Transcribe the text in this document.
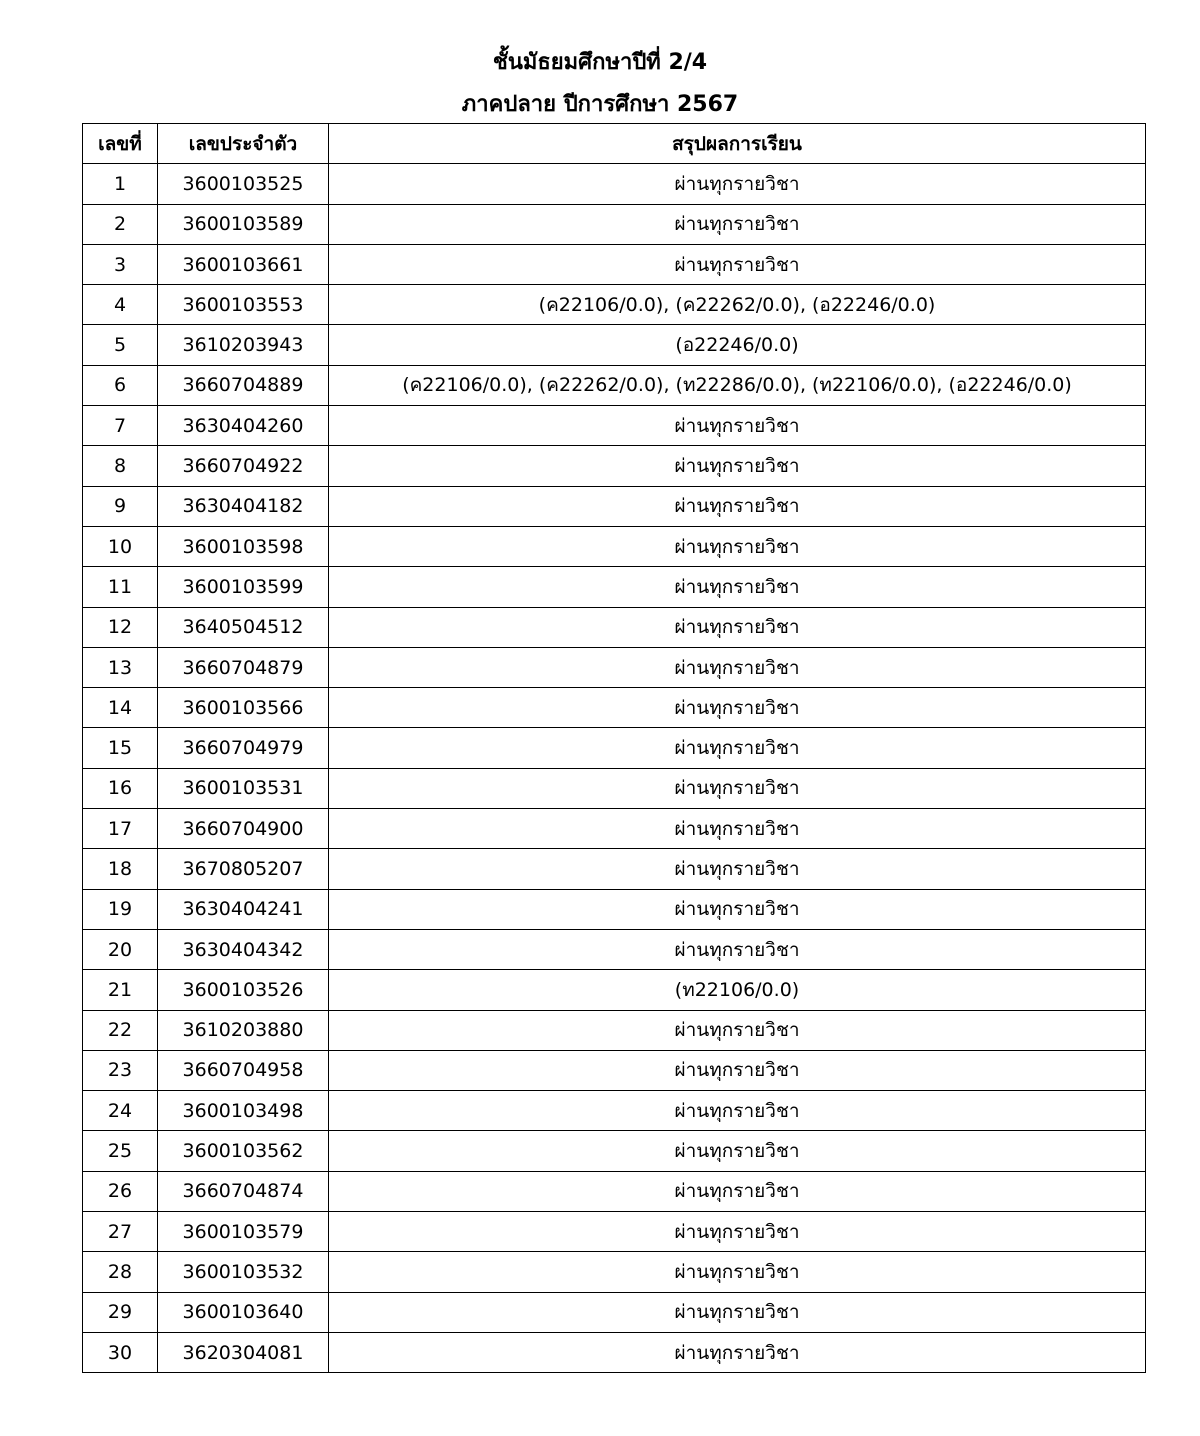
ชั้นมัธยมศึกษาปีที่ 2/4
ภาคปลาย ปีการศึกษา 2567
เลขที่	เลขประจำตัว	สรุปผลการเรียน
1	3600103525	ผ่านทุกรายวิชา
2	3600103589	ผ่านทุกรายวิชา
3	3600103661	ผ่านทุกรายวิชา
4	3600103553	(ค22106/0.0), (ค22262/0.0), (อ22246/0.0)
5	3610203943	(อ22246/0.0)
6	3660704889	(ค22106/0.0), (ค22262/0.0), (ท22286/0.0), (ท22106/0.0), (อ22246/0.0)
7	3630404260	ผ่านทุกรายวิชา
8	3660704922	ผ่านทุกรายวิชา
9	3630404182	ผ่านทุกรายวิชา
10	3600103598	ผ่านทุกรายวิชา
11	3600103599	ผ่านทุกรายวิชา
12	3640504512	ผ่านทุกรายวิชา
13	3660704879	ผ่านทุกรายวิชา
14	3600103566	ผ่านทุกรายวิชา
15	3660704979	ผ่านทุกรายวิชา
16	3600103531	ผ่านทุกรายวิชา
17	3660704900	ผ่านทุกรายวิชา
18	3670805207	ผ่านทุกรายวิชา
19	3630404241	ผ่านทุกรายวิชา
20	3630404342	ผ่านทุกรายวิชา
21	3600103526	(ท22106/0.0)
22	3610203880	ผ่านทุกรายวิชา
23	3660704958	ผ่านทุกรายวิชา
24	3600103498	ผ่านทุกรายวิชา
25	3600103562	ผ่านทุกรายวิชา
26	3660704874	ผ่านทุกรายวิชา
27	3600103579	ผ่านทุกรายวิชา
28	3600103532	ผ่านทุกรายวิชา
29	3600103640	ผ่านทุกรายวิชา
30	3620304081	ผ่านทุกรายวิชา
